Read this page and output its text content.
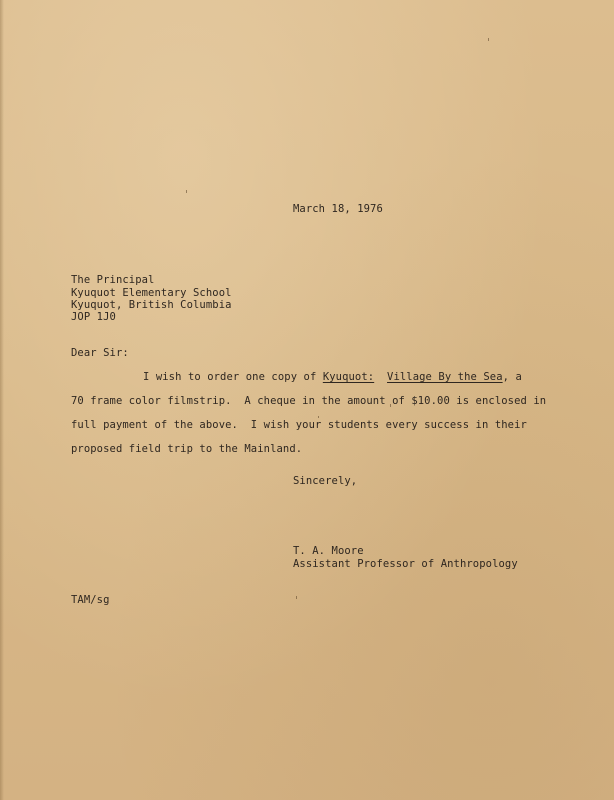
March 18, 1976
The Principal
Kyuquot Elementary School
Kyuquot, British Columbia
JOP 1J0
Dear Sir:
I wish to order one copy of Kyuquot: Village By the Sea, a
70 frame color filmstrip.  A cheque in the amount of $10.00 is enclosed in
full payment of the above.  I wish your students every success in their
proposed field trip to the Mainland.
Sincerely,
T. A. Moore
Assistant Professor of Anthropology
TAM/sg
